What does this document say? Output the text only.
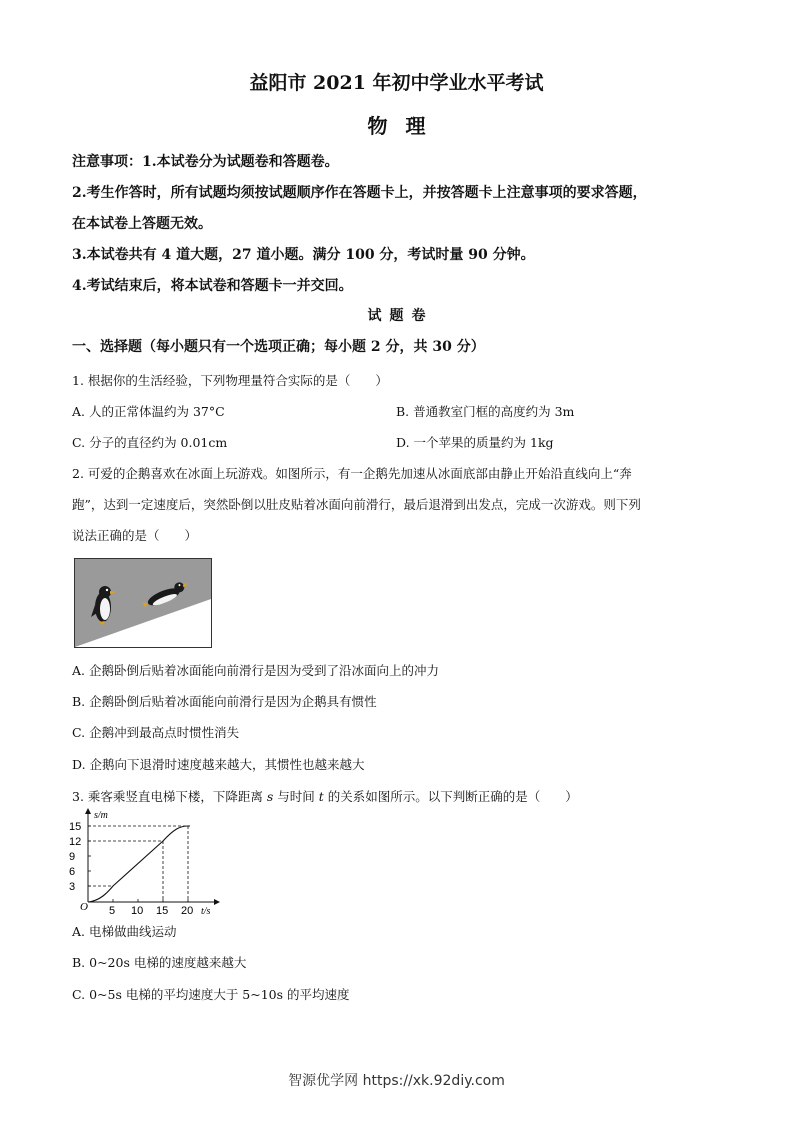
益阳市 2021 年初中学业水平考试
物理
注意事项：1.本试卷分为试题卷和答题卷。
2.考生作答时，所有试题均须按试题顺序作在答题卡上，并按答题卡上注意事项的要求答题，
在本试卷上答题无效。
3.本试卷共有 4 道大题，27 道小题。满分 100 分，考试时量 90 分钟。
4.考试结束后，将本试卷和答题卡一并交回。
试题卷
一、选择题（每小题只有一个选项正确；每小题 2 分，共 30 分）
1. 根据你的生活经验，下列物理量符合实际的是（　　）
A. 人的正常体温约为 37°C	B. 普通教室门框的高度约为 3m
C. 分子的直径约为 0.01cm	D. 一个苹果的质量约为 1kg
2. 可爱的企鹅喜欢在冰面上玩游戏。如图所示，有一企鹅先加速从冰面底部由静止开始沿直线向上“奔
跑”，达到一定速度后，突然卧倒以肚皮贴着冰面向前滑行，最后退滑到出发点，完成一次游戏。则下列
说法正确的是（　　）
A. 企鹅卧倒后贴着冰面能向前滑行是因为受到了沿冰面向上的冲力
B. 企鹅卧倒后贴着冰面能向前滑行是因为企鹅具有惯性
C. 企鹅冲到最高点时惯性消失
D. 企鹅向下退滑时速度越来越大，其惯性也越来越大
3. 乘客乘竖直电梯下楼，下降距离 s 与时间 t 的关系如图所示。以下判断正确的是（　　）
3
6
9
12
15
s/m
O 5 10 15 20 t/s
A. 电梯做曲线运动
B. 0~20s 电梯的速度越来越大
C. 0~5s 电梯的平均速度大于 5~10s 的平均速度
智源优学网 https://xk.92diy.com
